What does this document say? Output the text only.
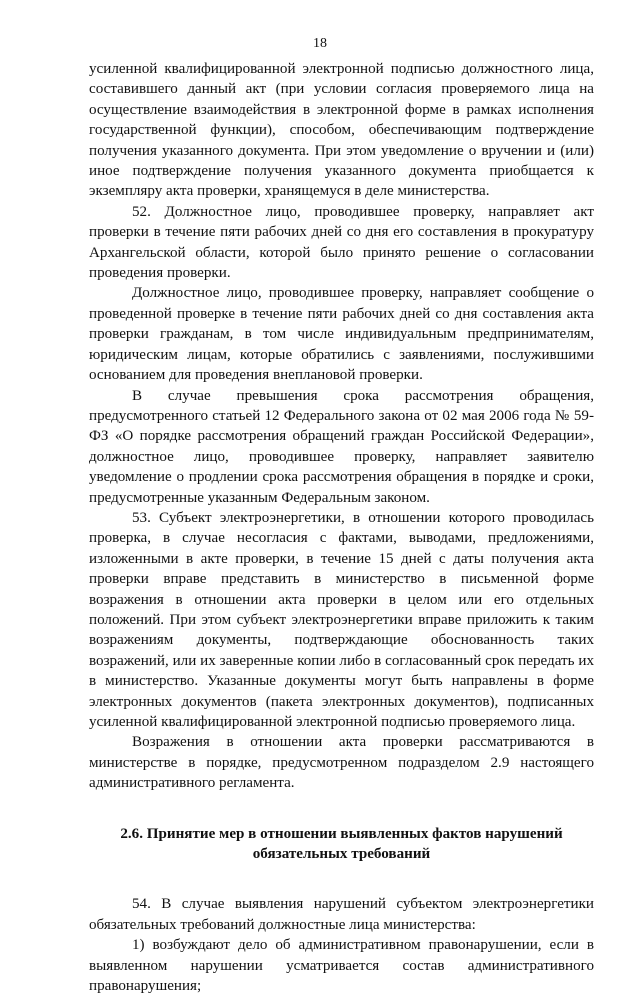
18

усиленной квалифицированной электронной подписью должностного лица, составившего данный акт (при условии согласия проверяемого лица на осуществление взаимодействия в электронной форме в рамках исполнения государственной функции), способом, обеспечивающим подтверждение получения указанного документа. При этом уведомление о вручении и (или) иное подтверждение получения указанного документа приобщается к экземпляру акта проверки, хранящемуся в деле министерства.

52. Должностное лицо, проводившее проверку, направляет акт проверки в течение пяти рабочих дней со дня его составления в прокуратуру Архангельской области, которой было принято решение о согласовании проведения проверки.

Должностное лицо, проводившее проверку, направляет сообщение о проведенной проверке в течение пяти рабочих дней со дня составления акта проверки гражданам, в том числе индивидуальным предпринимателям, юридическим лицам, которые обратились с заявлениями, послужившими основанием для проведения внеплановой проверки.

В случае превышения срока рассмотрения обращения, предусмотренного статьей 12 Федерального закона от 02 мая 2006 года № 59-ФЗ «О порядке рассмотрения обращений граждан Российской Федерации», должностное лицо, проводившее проверку, направляет заявителю уведомление о продлении срока рассмотрения обращения в порядке и сроки, предусмотренные указанным Федеральным законом.

53. Субъект электроэнергетики, в отношении которого проводилась проверка, в случае несогласия с фактами, выводами, предложениями, изложенными в акте проверки, в течение 15 дней с даты получения акта проверки вправе представить в министерство в письменной форме возражения в отношении акта проверки в целом или его отдельных положений. При этом субъект электроэнергетики вправе приложить к таким возражениям документы, подтверждающие обоснованность таких возражений, или их заверенные копии либо в согласованный срок передать их в министерство. Указанные документы могут быть направлены в форме электронных документов (пакета электронных документов), подписанных усиленной квалифицированной электронной подписью проверяемого лица.

Возражения в отношении акта проверки рассматриваются в министерстве в порядке, предусмотренном подразделом 2.9 настоящего административного регламента.

2.6. Принятие мер в отношении выявленных фактов нарушений обязательных требований

54. В случае выявления нарушений субъектом электроэнергетики обязательных требований должностные лица министерства:

1) возбуждают дело об административном правонарушении, если в выявленном нарушении усматривается состав административного правонарушения;
